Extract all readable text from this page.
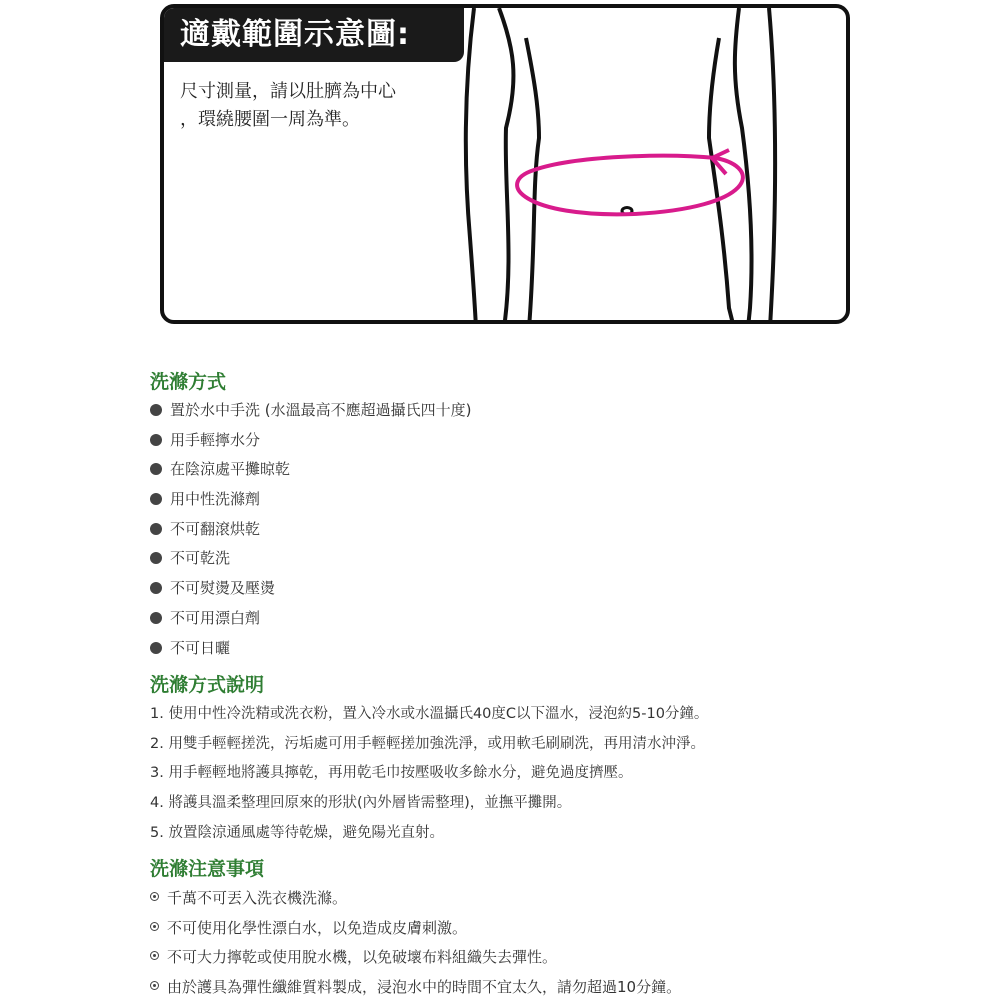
適戴範圍示意圖:
尺寸測量，請以肚臍為中心
，環繞腰圍一周為準。
洗滌方式
置於水中手洗 (水溫最高不應超過攝氏四十度)
用手輕擰水分
在陰涼處平攤晾乾
用中性洗滌劑
不可翻滾烘乾
不可乾洗
不可熨燙及壓燙
不可用漂白劑
不可日曬
洗滌方式說明
1. 使用中性冷洗精或洗衣粉，置入冷水或水溫攝氏40度C以下溫水，浸泡約5-10分鐘。
2. 用雙手輕輕搓洗，污垢處可用手輕輕搓加強洗淨，或用軟毛刷刷洗，再用清水沖淨。
3. 用手輕輕地將護具擰乾，再用乾毛巾按壓吸收多餘水分，避免過度擠壓。
4. 將護具溫柔整理回原來的形狀(內外層皆需整理)，並撫平攤開。
5. 放置陰涼通風處等待乾燥，避免陽光直射。
洗滌注意事項
千萬不可丟入洗衣機洗滌。
不可使用化學性漂白水，以免造成皮膚刺激。
不可大力擰乾或使用脫水機，以免破壞布料組織失去彈性。
由於護具為彈性纖維質料製成，浸泡水中的時間不宜太久，請勿超過10分鐘。
